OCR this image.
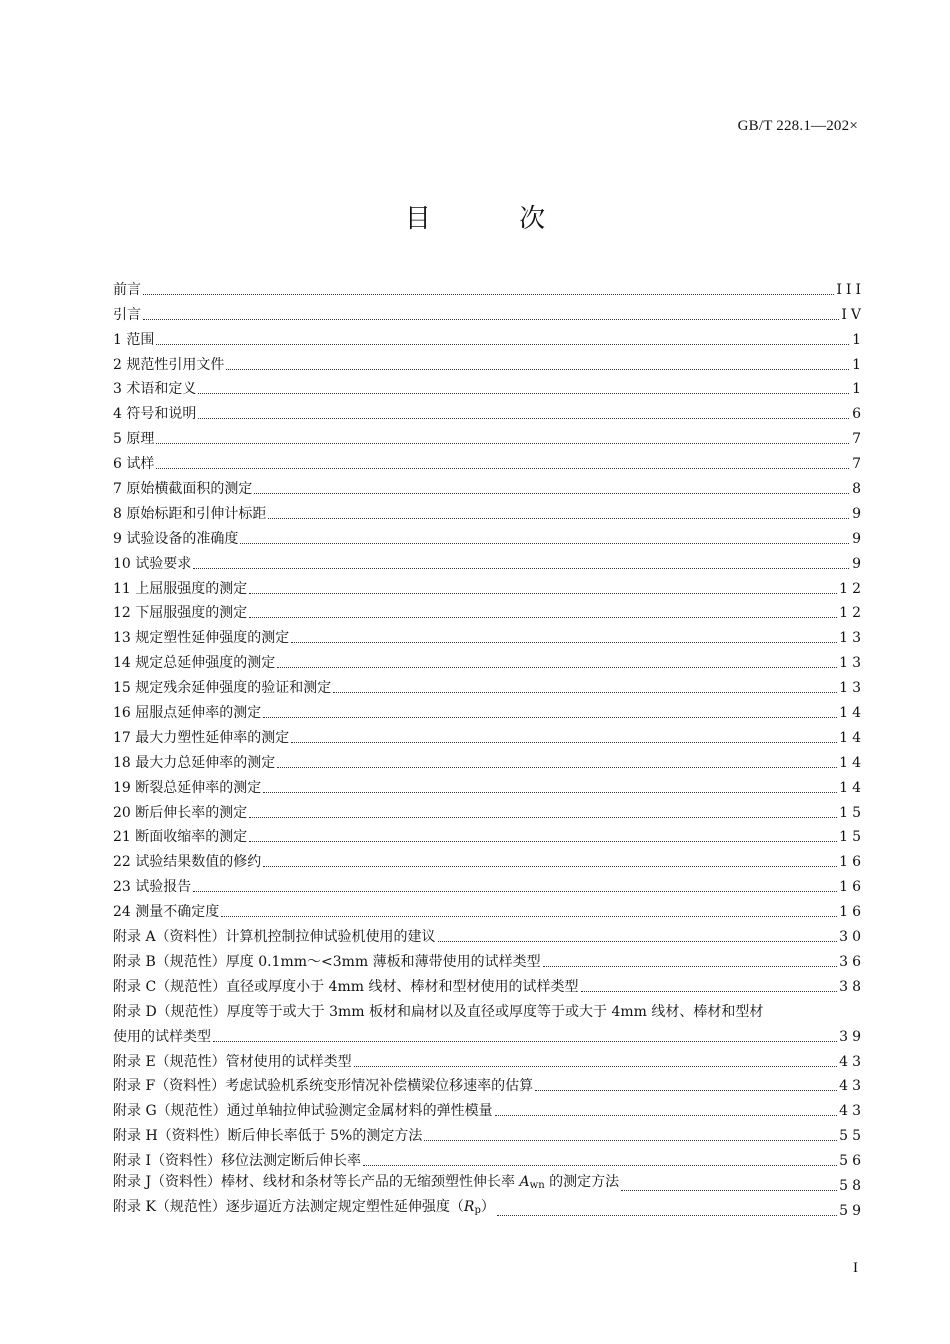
GB/T 228.1—202×
目 次
前言	III
引言	IV
1 范围	1
2 规范性引用文件	1
3 术语和定义	1
4 符号和说明	6
5 原理	7
6 试样	7
7 原始横截面积的测定	8
8 原始标距和引伸计标距	9
9 试验设备的准确度	9
10 试验要求	9
11 上屈服强度的测定	12
12 下屈服强度的测定	12
13 规定塑性延伸强度的测定	13
14 规定总延伸强度的测定	13
15 规定残余延伸强度的验证和测定	13
16 屈服点延伸率的测定	14
17 最大力塑性延伸率的测定	14
18 最大力总延伸率的测定	14
19 断裂总延伸率的测定	14
20 断后伸长率的测定	15
21 断面收缩率的测定	15
22 试验结果数值的修约	16
23 试验报告	16
24 测量不确定度	16
附录 A（资料性）计算机控制拉伸试验机使用的建议	30
附录 B（规范性）厚度 0.1mm～<3mm 薄板和薄带使用的试样类型	36
附录 C（规范性）直径或厚度小于 4mm 线材、棒材和型材使用的试样类型	38
附录 D（规范性）厚度等于或大于 3mm 板材和扁材以及直径或厚度等于或大于 4mm 线材、棒材和型材
使用的试样类型	39
附录 E（规范性）管材使用的试样类型	43
附录 F（资料性）考虑试验机系统变形情况补偿横梁位移速率的估算	43
附录 G（规范性）通过单轴拉伸试验测定金属材料的弹性模量	43
附录 H（资料性）断后伸长率低于 5%的测定方法	55
附录 I（资料性）移位法测定断后伸长率	56
附录 J（资料性）棒材、线材和条材等长产品的无缩颈塑性伸长率 $A_{wn}$ 的测定方法	58
附录 K（规范性）逐步逼近方法测定规定塑性延伸强度$(R_p)$	59
I
